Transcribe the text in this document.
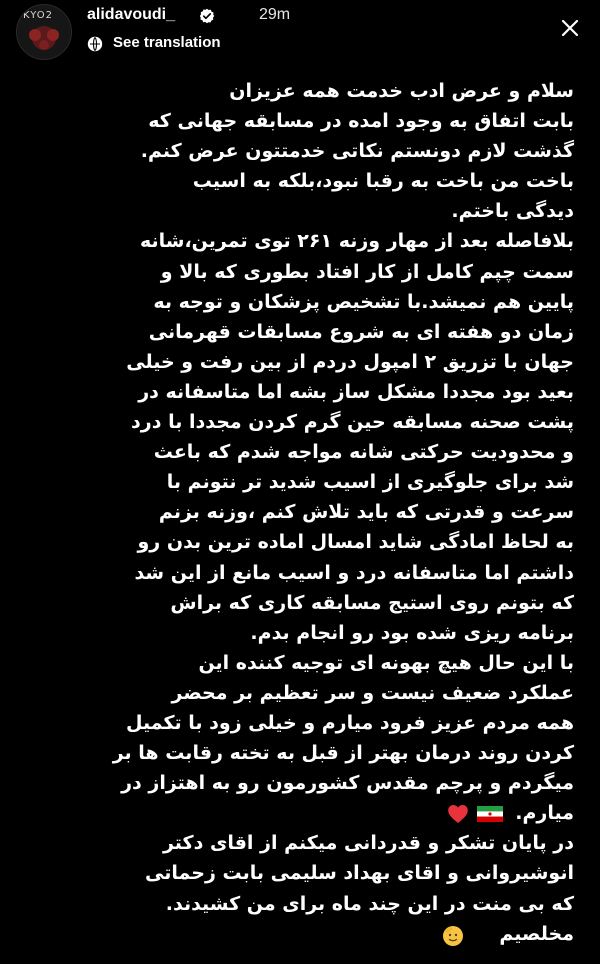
KYO2 alidavoudi_	29m
See translation
سلام و عرض ادب خدمت همه عزیزان
بابت اتفاق به وجود امده در مسابقه جهانی که
گذشت لازم دونستم نکاتی خدمتتون عرض کنم.
باخت من باخت به رقبا نبود،بلکه به اسیب
دیدگی باختم.
بلافاصله بعد از مهار وزنه ۲۶۱ توی تمرین،شانه
سمت چپم کامل از کار افتاد بطوری که بالا و
پایین هم نمیشد.با تشخیص پزشکان و توجه به
زمان دو هفته ای به شروع مسابقات قهرمانی
جهان با تزریق ۲ امپول دردم از بین رفت و خیلی
بعید بود مجددا مشکل ساز بشه اما متاسفانه در
پشت صحنه مسابقه حین گرم کردن مجددا با درد
و محدودیت حرکتی شانه مواجه شدم که باعث
شد برای جلوگیری از اسیب شدید تر نتونم با
سرعت و قدرتی که باید تلاش کنم ،وزنه بزنم
به لحاظ امادگی شاید امسال اماده ترین بدن رو
داشتم اما متاسفانه درد و اسیب مانع از این شد
که بتونم روی استیج مسابقه کاری که براش
برنامه ریزی شده بود رو انجام بدم.
با این حال هیچ بهونه ای توجیه کننده این
عملکرد ضعیف نیست و سر تعظیم بر محضر
همه مردم عزیز فرود میارم و خیلی زود با تکمیل
کردن روند درمان بهتر از قبل به تخته رقابت ها بر
میگردم و پرچم مقدس کشورمون رو به اهتزاز در
میارم.
در پایان تشکر و قدردانی میکنم از اقای دکتر
انوشیروانی و اقای بهداد سلیمی بابت زحماتی
که بی منت در این چند ماه برای من کشیدند.
مخلصیم
